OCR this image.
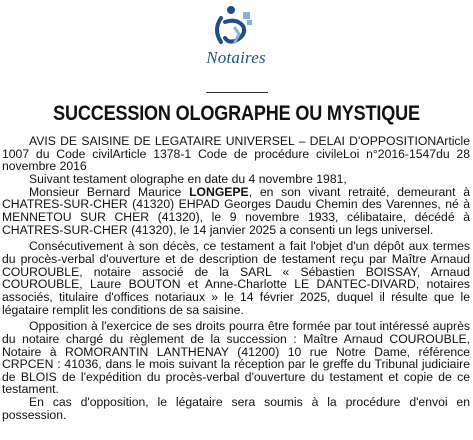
Notaires
SUCCESSION OLOGRAPHE OU MYSTIQUE

AVIS DE SAISINE DE LEGATAIRE UNIVERSEL – DELAI D'OPPOSITIONArticle 1007 du Code civilArticle 1378-1 Code de procédure civileLoi n°2016-1547du 28 novembre 2016

Suivant testament olographe en date du 4 novembre 1981,

Monsieur Bernard Maurice LONGEPE, en son vivant retraité, demeurant à CHATRES-SUR-CHER (41320) EHPAD Georges Daudu Chemin des Varennes, né à MENNETOU SUR CHER (41320), le 9 novembre 1933, célibataire, décédé à CHATRES-SUR-CHER (41320), le 14 janvier 2025 a consenti un legs universel.

Consécutivement à son décès, ce testament a fait l'objet d'un dépôt aux termes du procès-verbal d'ouverture et de description de testament reçu par Maître Arnaud COUROUBLE, notaire associé de la SARL « Sébastien BOISSAY, Arnaud COUROUBLE, Laure BOUTON et Anne-Charlotte LE DANTEC-DIVARD, notaires associés, titulaire d'offices notariaux » le 14 février 2025, duquel il résulte que le légataire remplit les conditions de sa saisine.

Opposition à l'exercice de ses droits pourra être formée par tout intéressé auprès du notaire chargé du règlement de la succession : Maître Arnaud COUROUBLE, Notaire à ROMORANTIN LANTHENAY (41200) 10 rue Notre Dame, référence CRPCEN : 41036, dans le mois suivant la réception par le greffe du Tribunal judiciaire de BLOIS de l'expédition du procès-verbal d'ouverture du testament et copie de ce testament.

En cas d'opposition, le légataire sera soumis à la procédure d'envoi en possession.
